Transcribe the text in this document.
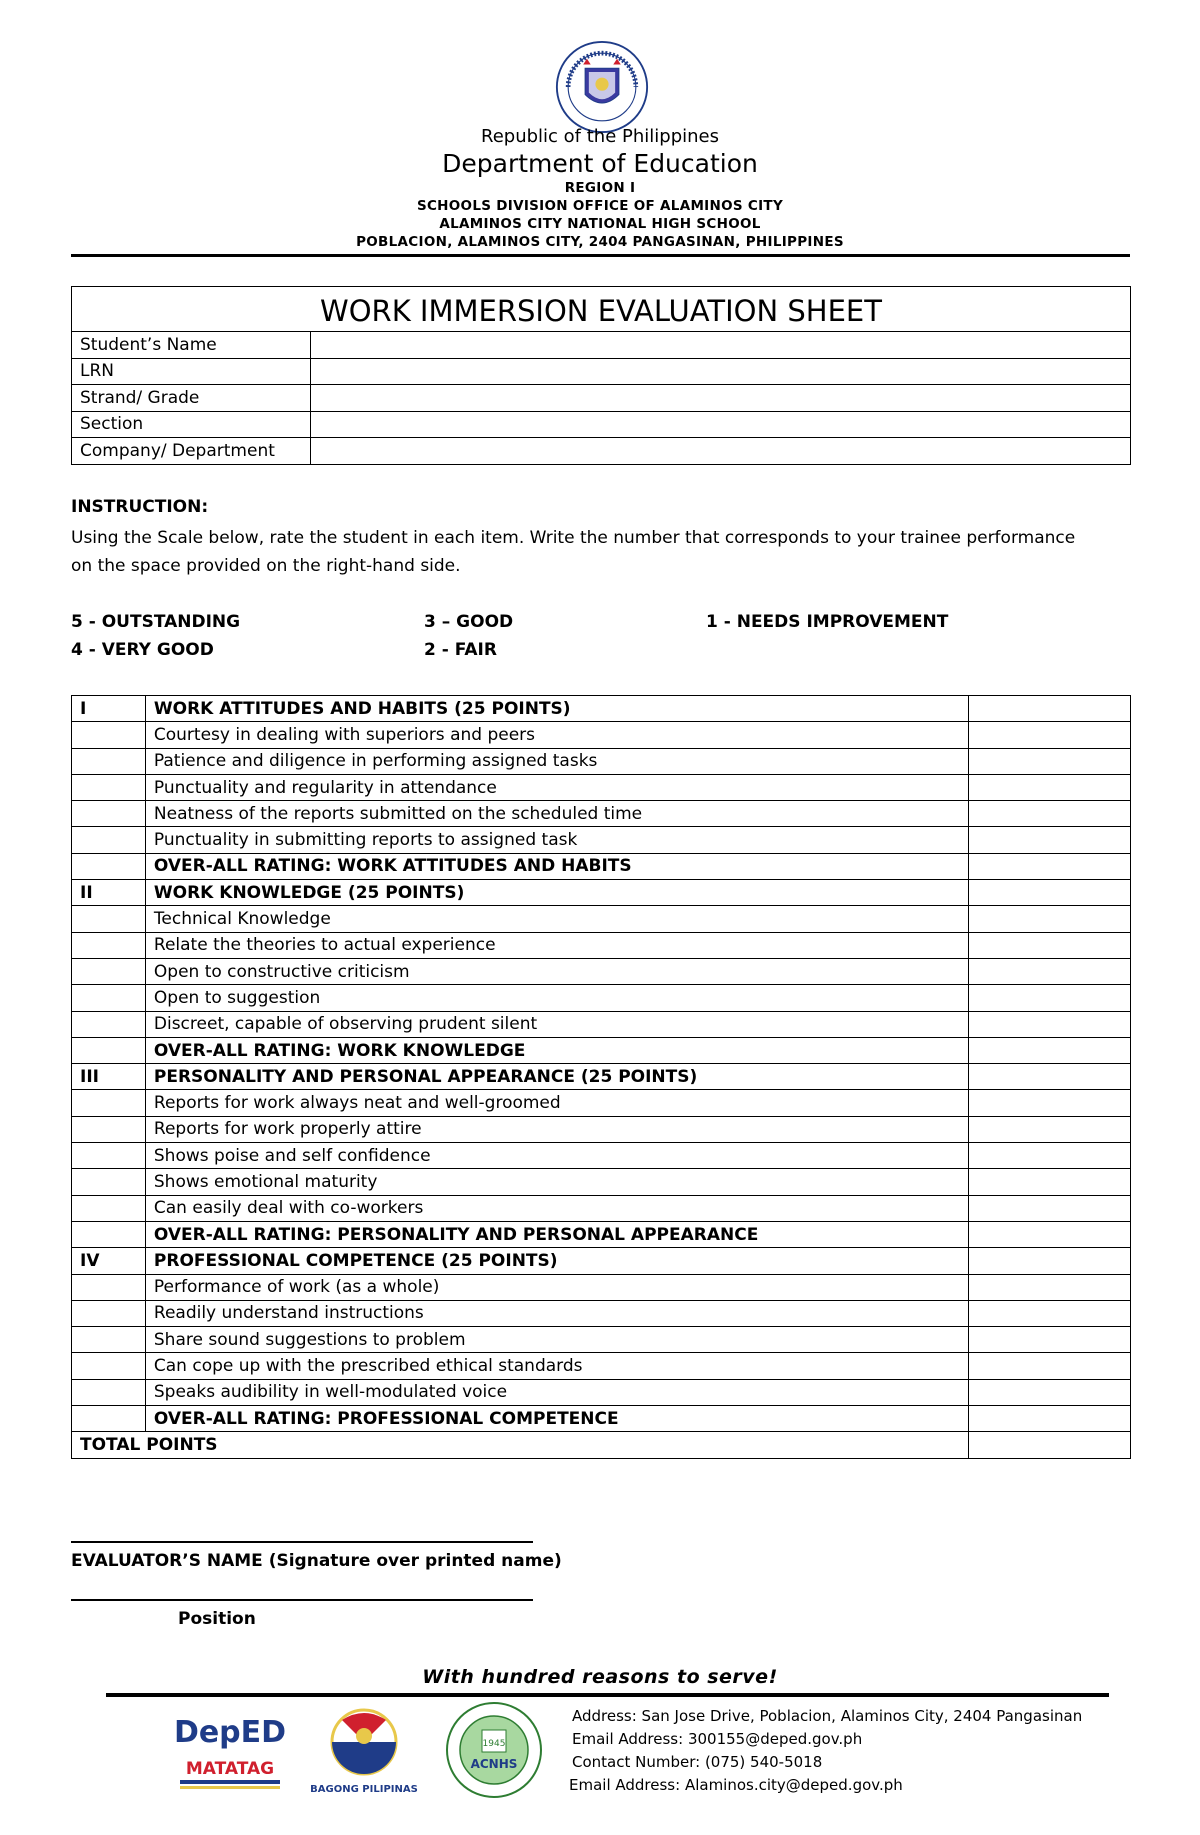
Republic of the Philippines
Department of Education
REGION I
SCHOOLS DIVISION OFFICE OF ALAMINOS CITY
ALAMINOS CITY NATIONAL HIGH SCHOOL
POBLACION, ALAMINOS CITY, 2404 PANGASINAN, PHILIPPINES
WORK IMMERSION EVALUATION SHEET	
Student’s Name	
LRN	
Strand/ Grade	
Section	
Company/ Department	
INSTRUCTION:
Using the Scale below, rate the student in each item. Write the number that corresponds to your trainee performance
on the space provided on the right-hand side.
5 - OUTSTANDING
4 - VERY GOOD
3 – GOOD
2 - FAIR
1 - NEEDS IMPROVEMENT
I	WORK ATTITUDES AND HABITS (25 POINTS)	
	Courtesy in dealing with superiors and peers	
	Patience and diligence in performing assigned tasks	
	Punctuality and regularity in attendance	
	Neatness of the reports submitted on the scheduled time	
	Punctuality in submitting reports to assigned task	
	OVER-ALL RATING: WORK ATTITUDES AND HABITS	
II	WORK KNOWLEDGE (25 POINTS)	
	Technical Knowledge	
	Relate the theories to actual experience	
	Open to constructive criticism	
	Open to suggestion	
	Discreet, capable of observing prudent silent	
	OVER-ALL RATING: WORK KNOWLEDGE	
III	PERSONALITY AND PERSONAL APPEARANCE (25 POINTS)	
	Reports for work always neat and well-groomed	
	Reports for work properly attire	
	Shows poise and self confidence	
	Shows emotional maturity	
	Can easily deal with co-workers	
	OVER-ALL RATING: PERSONALITY AND PERSONAL APPEARANCE	
IV	PROFESSIONAL COMPETENCE (25 POINTS)	
	Performance of work (as a whole)	
	Readily understand instructions	
	Share sound suggestions to problem	
	Can cope up with the prescribed ethical standards	
	Speaks audibility in well-modulated voice	
	OVER-ALL RATING: PROFESSIONAL COMPETENCE	
TOTAL POINTS		
EVALUATOR’S NAME (Signature over printed name)
Position
With hundred reasons to serve!
DepED
MATATAG
BAGONG PILIPINAS
1945
ACNHS
Address: San Jose Drive, Poblacion, Alaminos City, 2404 Pangasinan
Email Address: 300155@deped.gov.ph
Contact Number: (075) 540-5018
Email Address: Alaminos.city@deped.gov.ph
